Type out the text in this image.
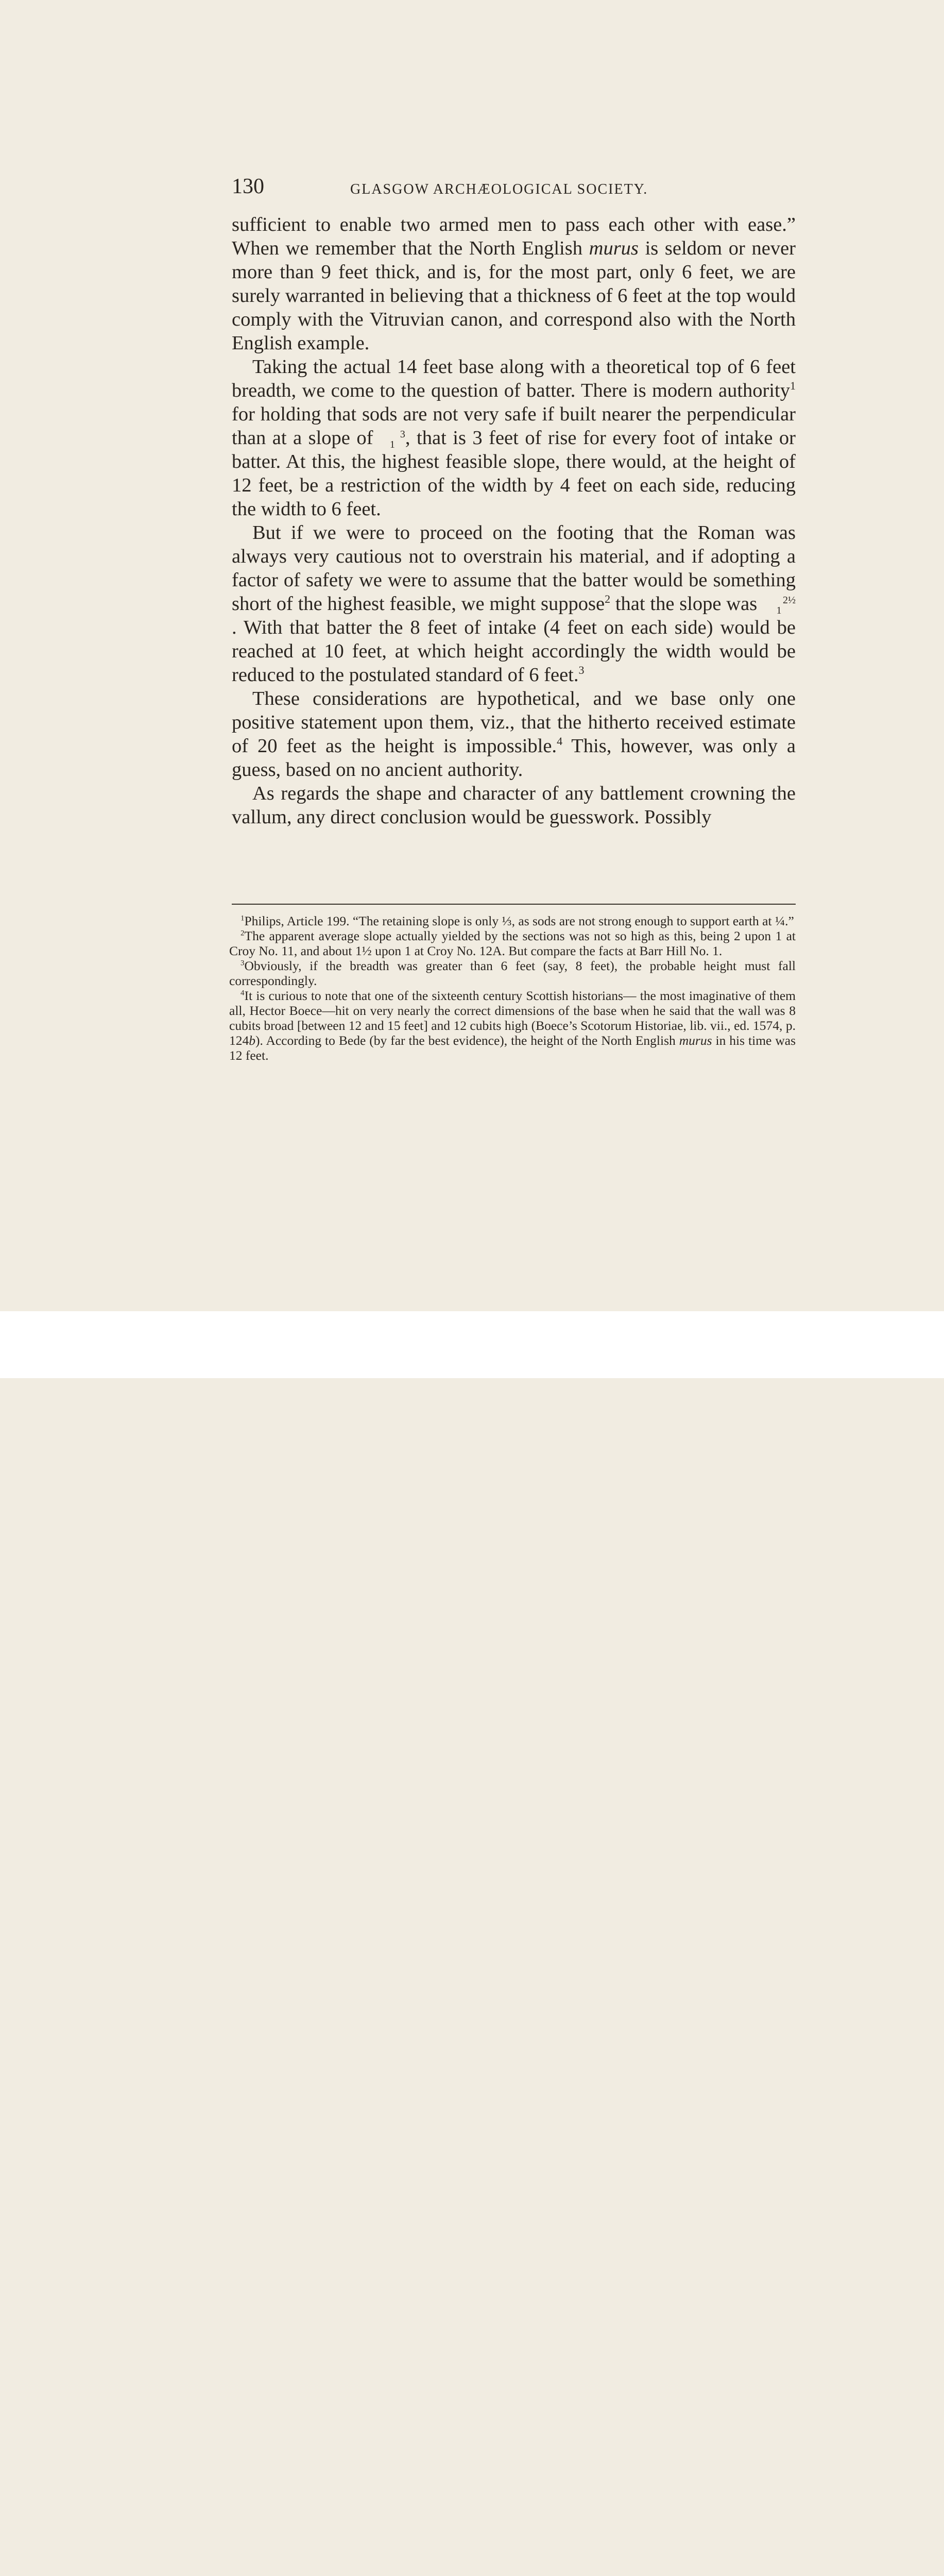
130	GLASGOW ARCHÆOLOGICAL SOCIETY.

sufficient to enable two armed men to pass each other with ease.” When we remember that the North English murus is seldom or never more than 9 feet thick, and is, for the most part, only 6 feet, we are surely warranted in believing that a thickness of 6 feet at the top would comply with the Vitruvian canon, and correspond also with the North English example.

Taking the actual 14 feet base along with a theoretical top of 6 feet breadth, we come to the question of batter. There is modern authority$^1$ for holding that sods are not very safe if built nearer the perpendicular than at a slope of 3
1 , that is 3 feet of rise for every foot of intake or batter. At this, the highest feasible slope, there would, at the height of 12 feet, be a restriction of the width by 4 feet on each side, reducing the width to 6 feet.

But if we were to proceed on the footing that the Roman was always very cautious not to overstrain his material, and if adopting a factor of safety we were to assume that the batter would be something short of the highest feasible, we might suppose$^2$ that the slope was 2½
1. With that batter the 8 feet of intake (4 feet on each side) would be reached at 10 feet, at which height accordingly the width would be reduced to the postulated standard of 6 feet.$^3$

These considerations are hypothetical, and we base only one positive statement upon them, viz., that the hitherto received estimate of 20 feet as the height is impossible.$^4$ This, however, was only a guess, based on no ancient authority.

As regards the shape and character of any battlement crowning the vallum, any direct conclusion would be guesswork. Possibly

$^1$Philips, Article 199. “The retaining slope is only ⅓, as sods are not strong enough to support earth at ¼.”

$^2$The apparent average slope actually yielded by the sections was not so high as this, being 2 upon 1 at Croy No. 11, and about 1½ upon 1 at Croy No. 12A. But compare the facts at Barr Hill No. 1.

$^3$Obviously, if the breadth was greater than 6 feet (say, 8 feet), the probable height must fall correspondingly.

$^4$It is curious to note that one of the sixteenth century Scottish historians— the most imaginative of them all, Hector Boece—hit on very nearly the correct dimensions of the base when he said that the wall was 8 cubits broad [between 12 and 15 feet] and 12 cubits high (Boece’s Scotorum Historiae, lib. vii., ed. 1574, p. 124b). According to Bede (by far the best evidence), the height of the North English murus in his time was 12 feet.
